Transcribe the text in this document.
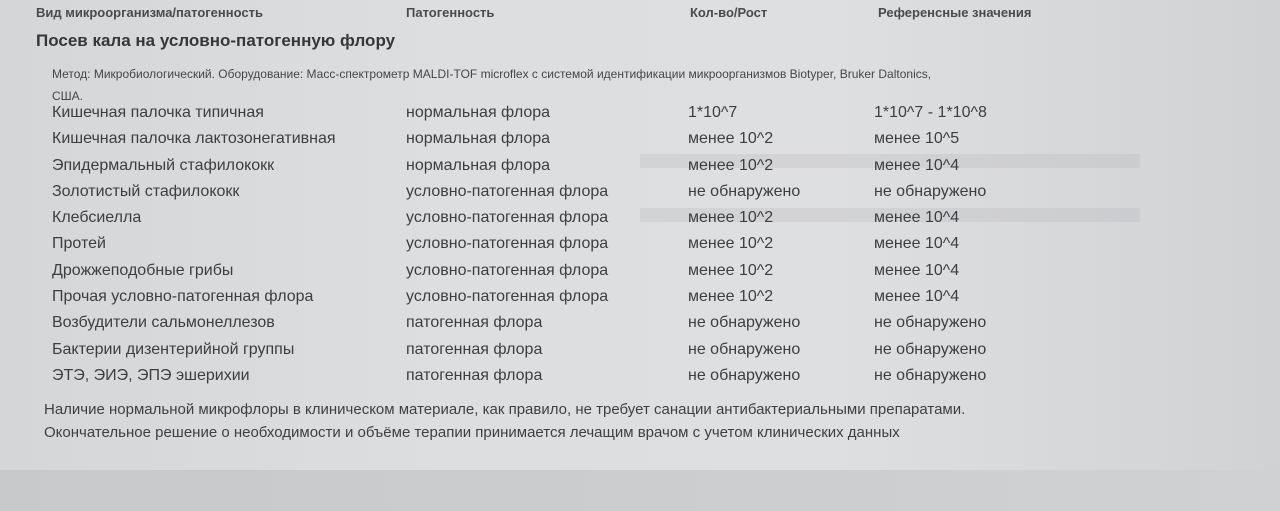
Вид микроорганизма/патогенность	Патогенность	Кол-во/Рост	Референсные значения
Посев кала на условно-патогенную флору
Метод: Микробиологический. Оборудование: Масс-спектрометр MALDI-TOF microflex с системой идентификации микроорганизмов Biotyper, Bruker Daltonics, США.
Кишечная палочка типичная	нормальная флора	1*10^7	1*10^7 - 1*10^8
Кишечная палочка лактозонегативная	нормальная флора	менее 10^2	менее 10^5
Эпидермальный стафилококк	нормальная флора	менее 10^2	менее 10^4
Золотистый стафилококк	условно-патогенная флора	не обнаружено	не обнаружено
Клебсиелла	условно-патогенная флора	менее 10^2	менее 10^4
Протей	условно-патогенная флора	менее 10^2	менее 10^4
Дрожжеподобные грибы	условно-патогенная флора	менее 10^2	менее 10^4
Прочая условно-патогенная флора	условно-патогенная флора	менее 10^2	менее 10^4
Возбудители сальмонеллезов	патогенная флора	не обнаружено	не обнаружено
Бактерии дизентерийной группы	патогенная флора	не обнаружено	не обнаружено
ЭТЭ, ЭИЭ, ЭПЭ эшерихии	патогенная флора	не обнаружено	не обнаружено
Наличие нормальной микрофлоры в клиническом материале, как правило, не требует санации антибактериальными препаратами. Окончательное решение о необходимости и объёме терапии принимается лечащим врачом с учетом клинических данных
